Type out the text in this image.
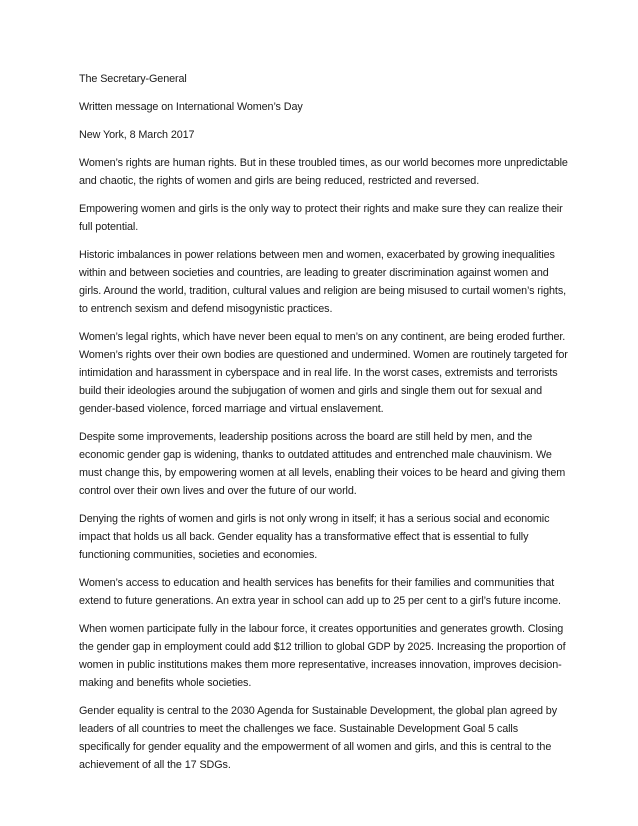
The Secretary-General

Written message on International Women’s Day

New York, 8 March 2017

Women’s rights are human rights. But in these troubled times, as our world becomes more unpredictable and chaotic, the rights of women and girls are being reduced, restricted and reversed.

Empowering women and girls is the only way to protect their rights and make sure they can realize their full potential.

Historic imbalances in power relations between men and women, exacerbated by growing inequalities within and between societies and countries, are leading to greater discrimination against women and girls. Around the world, tradition, cultural values and religion are being misused to curtail women’s rights, to entrench sexism and defend misogynistic practices.

Women’s legal rights, which have never been equal to men’s on any continent, are being eroded further. Women’s rights over their own bodies are questioned and undermined. Women are routinely targeted for intimidation and harassment in cyberspace and in real life. In the worst cases, extremists and terrorists build their ideologies around the subjugation of women and girls and single them out for sexual and gender-based violence, forced marriage and virtual enslavement.

Despite some improvements, leadership positions across the board are still held by men, and the economic gender gap is widening, thanks to outdated attitudes and entrenched male chauvinism. We must change this, by empowering women at all levels, enabling their voices to be heard and giving them control over their own lives and over the future of our world.

Denying the rights of women and girls is not only wrong in itself; it has a serious social and economic impact that holds us all back. Gender equality has a transformative effect that is essential to fully functioning communities, societies and economies.

Women’s access to education and health services has benefits for their families and communities that extend to future generations. An extra year in school can add up to 25 per cent to a girl’s future income.

When women participate fully in the labour force, it creates opportunities and generates growth. Closing the gender gap in employment could add $12 trillion to global GDP by 2025. Increasing the proportion of women in public institutions makes them more representative, increases innovation, improves decision-making and benefits whole societies.

Gender equality is central to the 2030 Agenda for Sustainable Development, the global plan agreed by leaders of all countries to meet the challenges we face. Sustainable Development Goal 5 calls specifically for gender equality and the empowerment of all women and girls, and this is central to the achievement of all the 17 SDGs.
